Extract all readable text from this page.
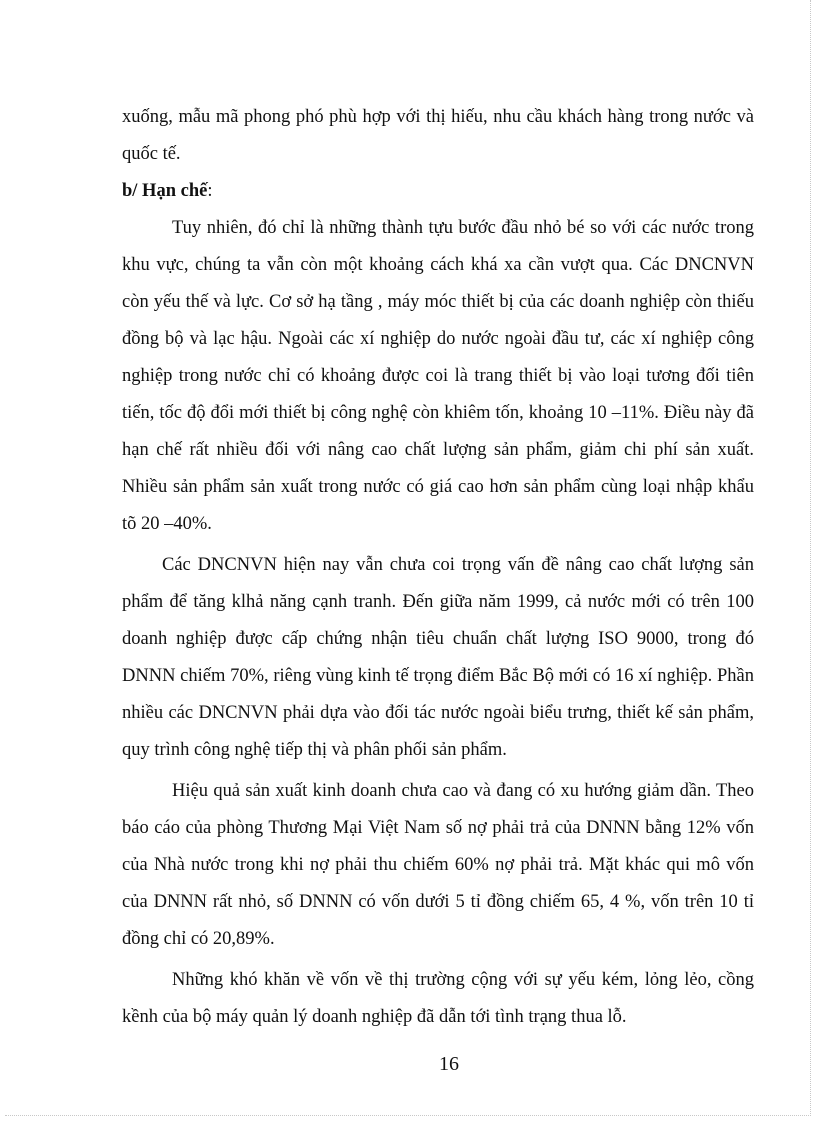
xuống, mẫu mã phong phó phù hợp với thị hiếu, nhu cầu khách hàng trong nước và quốc tế.

b/ Hạn chế:

Tuy nhiên, đó chỉ là những thành tựu bước đầu nhỏ bé so với các nước trong khu vực, chúng ta vẫn còn một khoảng cách khá xa cần vượt qua. Các DNCNVN còn yếu thế và lực. Cơ sở hạ tầng , máy móc thiết bị của các doanh nghiệp còn thiếu đồng bộ và lạc hậu. Ngoài các xí nghiệp do nước ngoài đầu tư, các xí nghiệp công nghiệp trong nước chỉ có khoảng được coi là trang thiết bị vào loại tương đối tiên tiến, tốc độ đổi mới thiết bị công nghệ còn khiêm tốn, khoảng 10 –11%. Điều này đã hạn chế rất nhiều đối với nâng cao chất lượng sản phẩm, giảm chi phí sản xuất. Nhiều sản phẩm sản xuất trong nước có giá cao hơn sản phẩm cùng loại nhập khẩu tõ 20 –40%.

Các DNCNVN hiện nay vẫn chưa coi trọng vấn đề nâng cao chất lượng sản phẩm để tăng klhả năng cạnh tranh. Đến giữa năm 1999, cả nước mới có trên 100 doanh nghiệp được cấp chứng nhận tiêu chuẩn chất lượng ISO 9000, trong đó DNNN chiếm 70%, riêng vùng kinh tế trọng điểm Bắc Bộ mới có 16 xí nghiệp. Phần nhiều các DNCNVN phải dựa vào đối tác nước ngoài biểu trưng, thiết kế sản phẩm, quy trình công nghệ tiếp thị và phân phối sản phẩm.

Hiệu quả sản xuất kinh doanh chưa cao và đang có xu hướng giảm dần. Theo báo cáo của phòng Thương Mại Việt Nam số nợ phải trả của DNNN bằng 12% vốn của Nhà nước trong khi nợ phải thu chiếm 60% nợ phải trả. Mặt khác qui mô vốn của DNNN rất nhỏ, số DNNN có vốn dưới 5 tỉ đồng chiếm 65, 4 %, vốn trên 10 tỉ đồng chỉ có 20,89%.

Những khó khăn về vốn về thị trường cộng với sự yếu kém, lỏng lẻo, cồng kềnh của bộ máy quản lý doanh nghiệp đã dẫn tới tình trạng thua lỗ.

16
